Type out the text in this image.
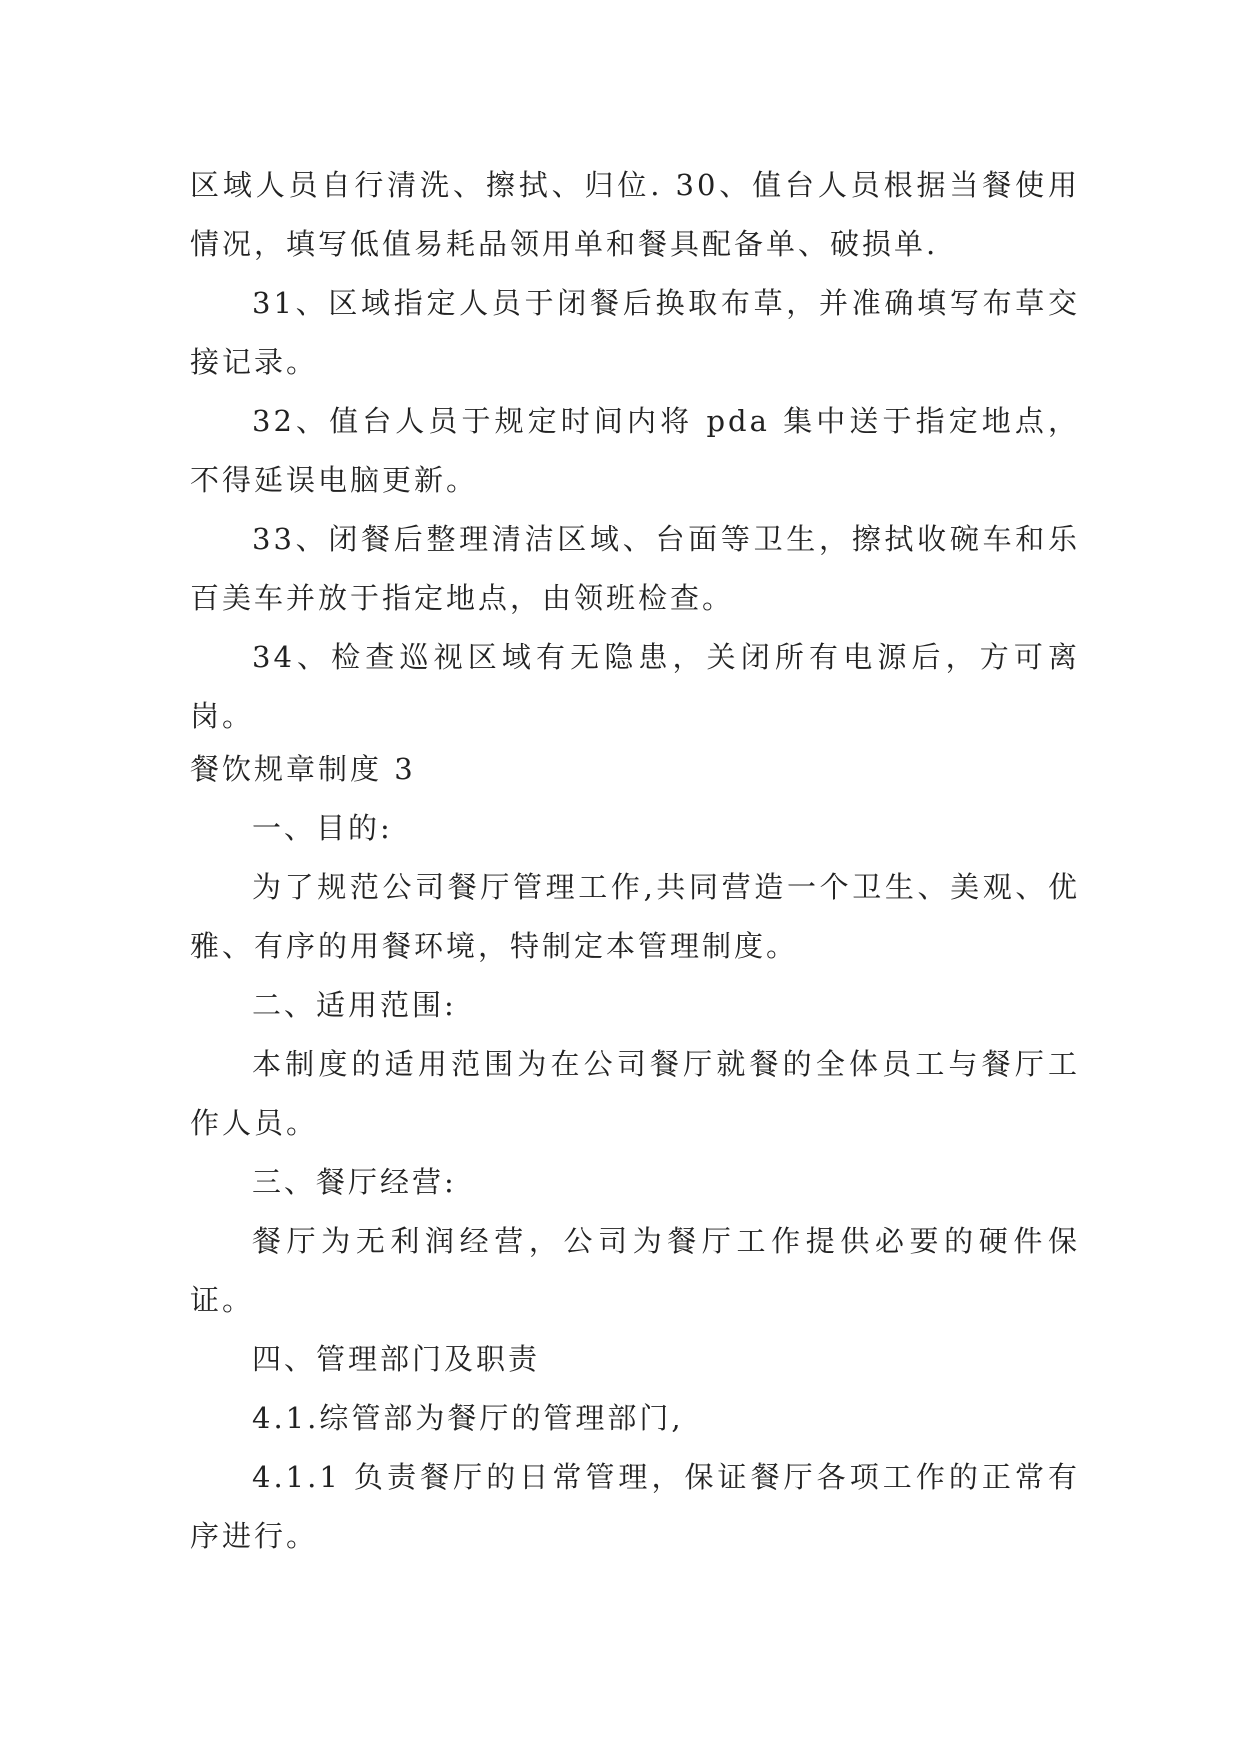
区域人员自行清洗、擦拭、归位. 30、值台人员根据当餐使用情况，填写低值易耗品领用单和餐具配备单、破损单.

31、区域指定人员于闭餐后换取布草，并准确填写布草交接记录。

32、值台人员于规定时间内将 pda 集中送于指定地点，不得延误电脑更新。

33、闭餐后整理清洁区域、台面等卫生，擦拭收碗车和乐百美车并放于指定地点，由领班检查。

34、检查巡视区域有无隐患，关闭所有电源后，方可离岗。

餐饮规章制度 3

一、目的:

为了规范公司餐厅管理工作,共同营造一个卫生、美观、优雅、有序的用餐环境，特制定本管理制度。

二、适用范围:

本制度的适用范围为在公司餐厅就餐的全体员工与餐厅工作人员。

三、餐厅经营:

餐厅为无利润经营，公司为餐厅工作提供必要的硬件保证。

四、管理部门及职责

4.1.综管部为餐厅的管理部门,

4.1.1 负责餐厅的日常管理，保证餐厅各项工作的正常有序进行。
